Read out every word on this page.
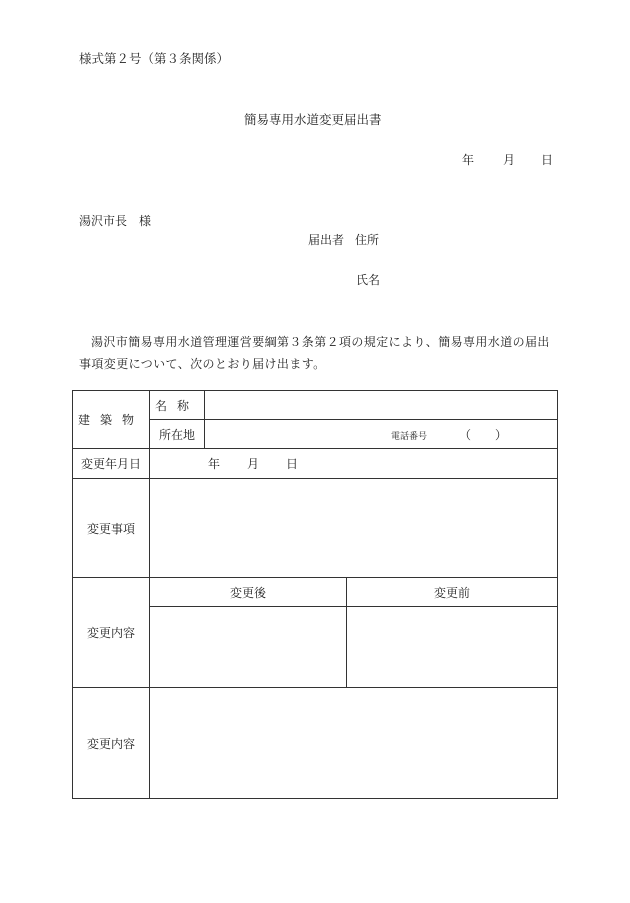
様式第２号（第３条関係）
簡易専用水道変更届出書
年 月 日
湯沢市長 様
届出者 住所
氏名
湯沢市簡易専用水道管理運営要綱第３条第２項の規定により、簡易専用水道の届出事項変更について、次のとおり届け出ます。
建築物	名称		
	所在地	電話番号 （　　）	
変更年月日	年 月 日		
変更事項			
変更内容	変更後		変更前

変更内容			
